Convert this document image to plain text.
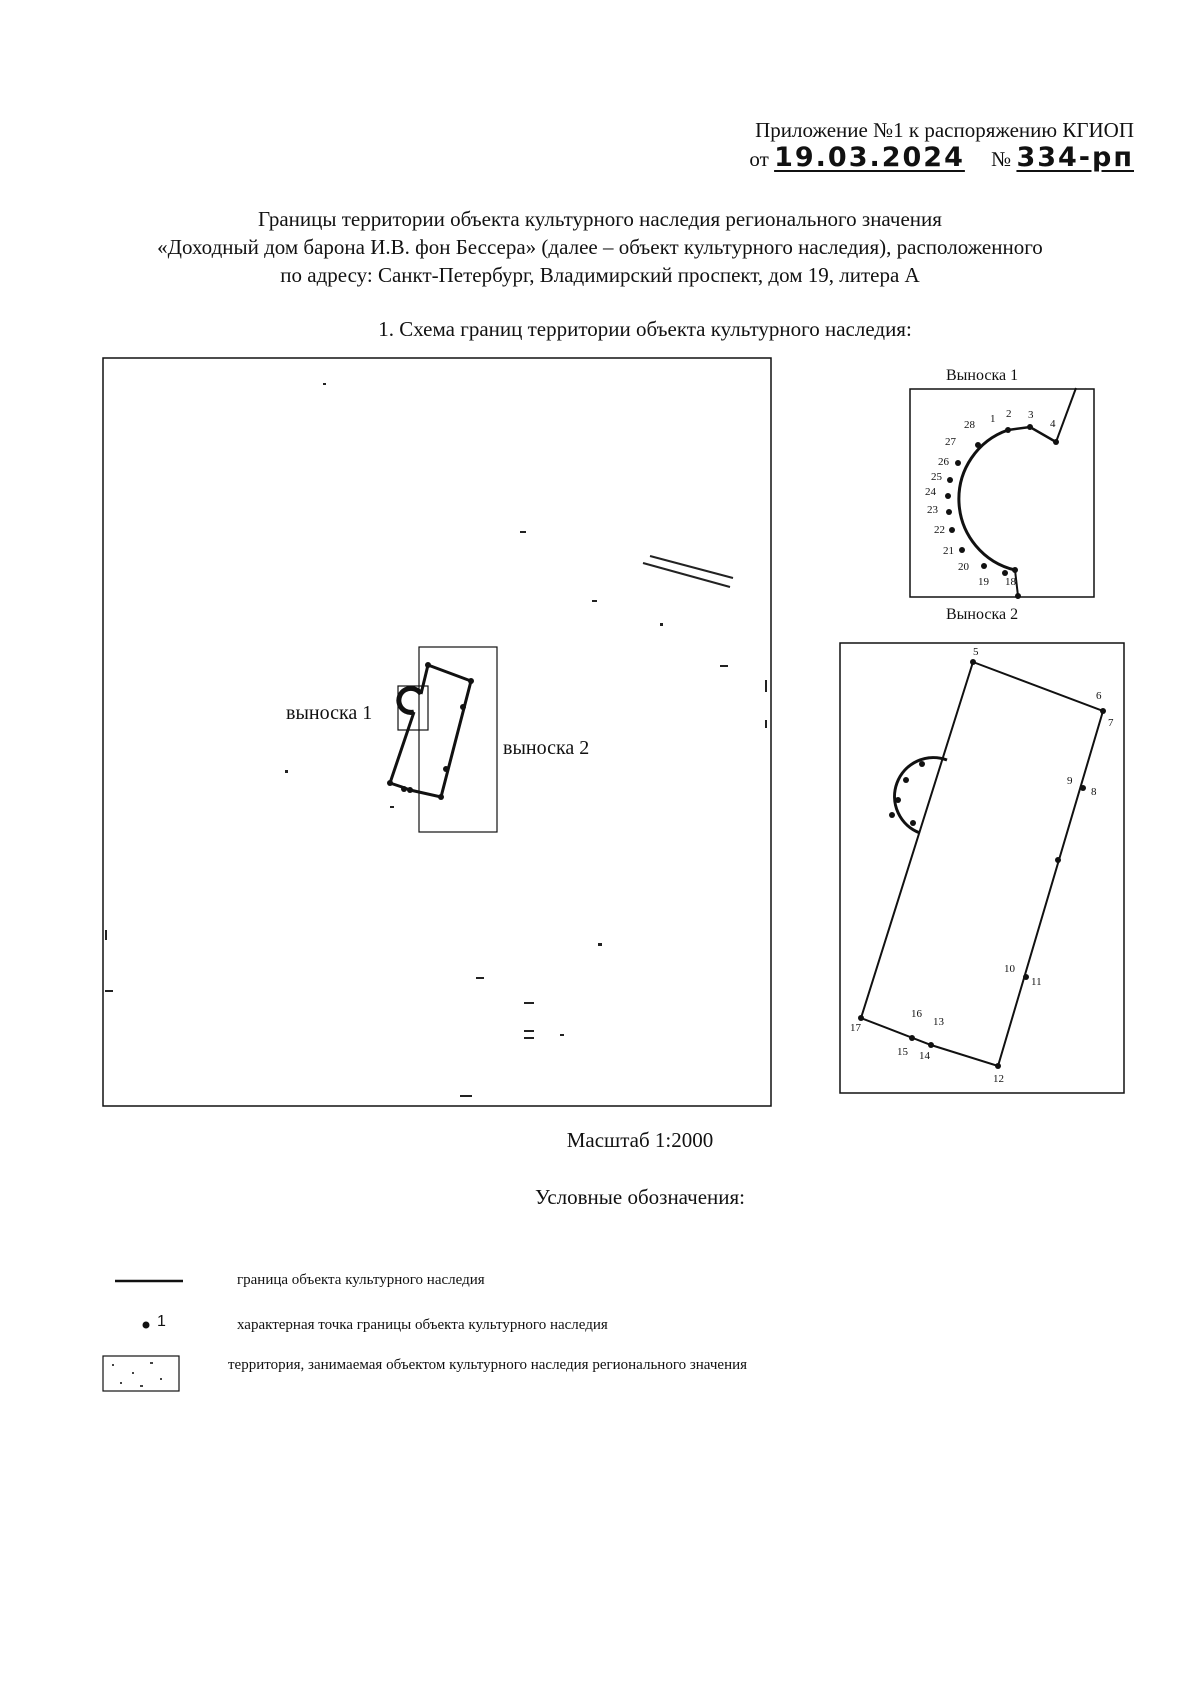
Приложение №1 к распоряжению КГИОП
от 19.03.2024 № 334-рп
Границы территории объекта культурного наследия регионального значения
«Доходный дом барона И.В. фон Бессера» (далее – объект культурного наследия), расположенного
по адресу: Санкт-Петербург, Владимирский проспект, дом 19, литера А
1. Схема границ территории объекта культурного наследия:
выноска 1
выноска 2
Выноска 1
Выноска 2
1 2 3
4
18
19
20
21
22
23
24
25
26
27
28
5
6
7
8
9
10
11
12
13
14
15
16
17
Масштаб 1:2000
Условные обозначения:
1
граница объекта культурного наследия
характерная точка границы объекта культурного наследия
территория, занимаемая объектом культурного наследия регионального значения
